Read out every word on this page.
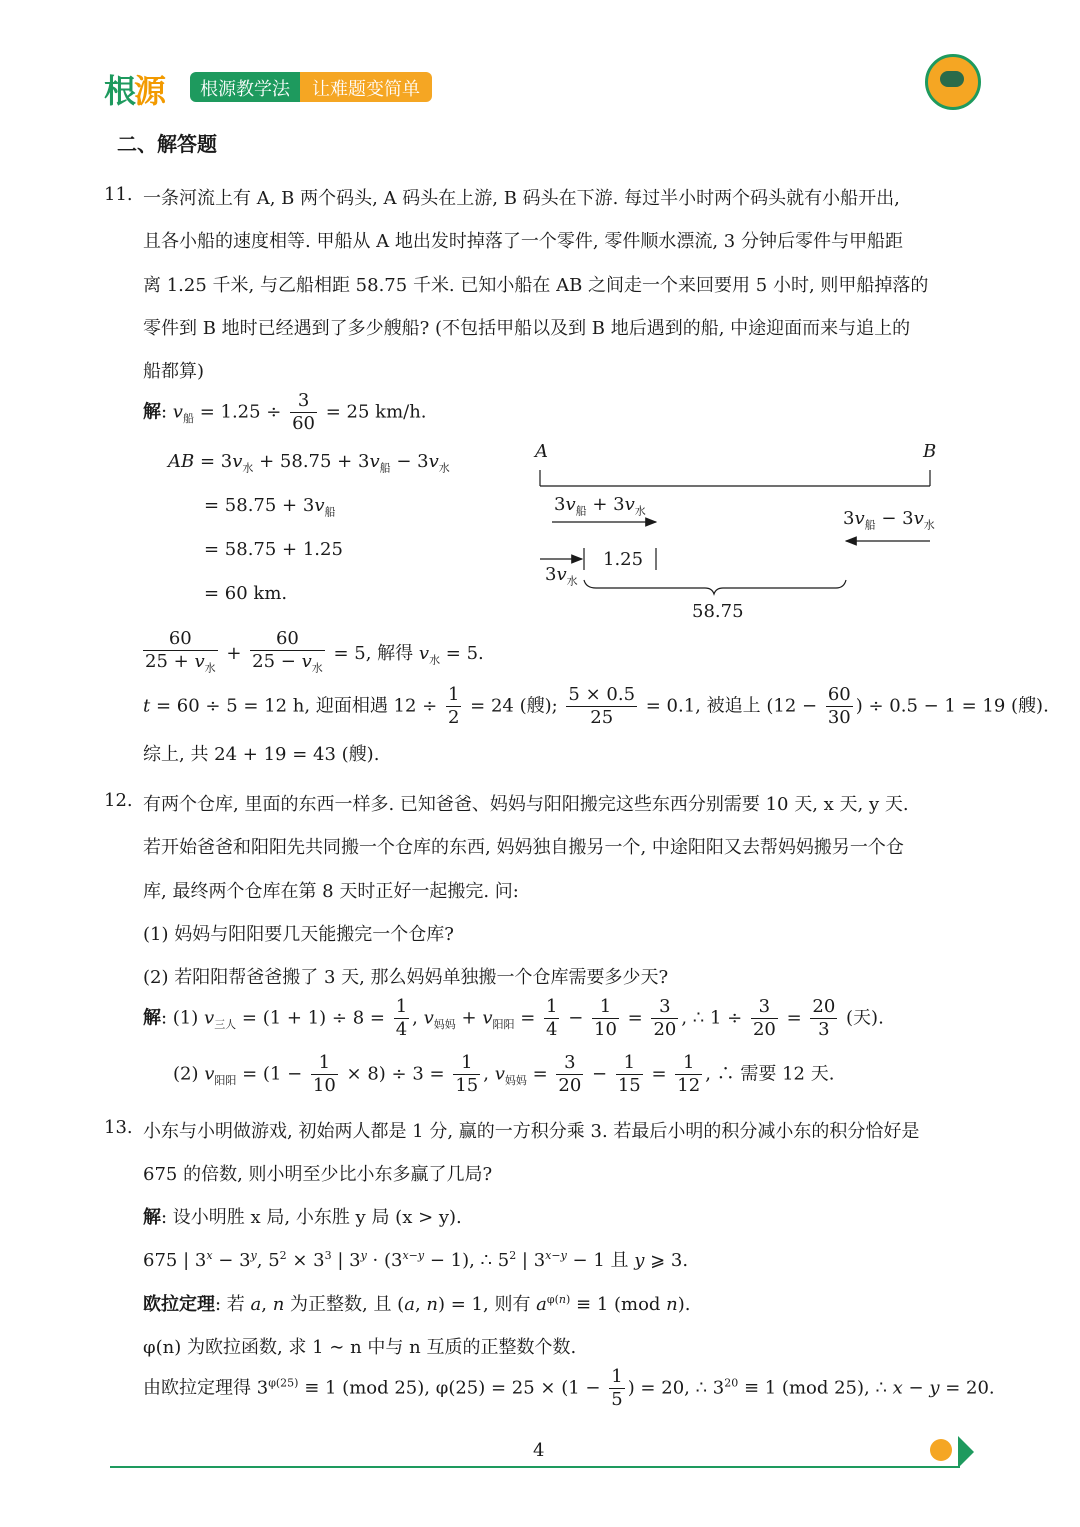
根源	根源教学法	让难题变简单
二、解答题
11. 一条河流上有 A, B 两个码头, A 码头在上游, B 码头在下游. 每过半小时两个码头就有小船开出,
且各小船的速度相等. 甲船从 A 地出发时掉落了一个零件, 零件顺水漂流, 3 分钟后零件与甲船距
离 1.25 千米, 与乙船相距 58.75 千米. 已知小船在 AB 之间走一个来回要用 5 小时, 则甲船掉落的
零件到 B 地时已经遇到了多少艘船? (不包括甲船以及到 B 地后遇到的船, 中途迎面而来与追上的
船都算)
解: $v_船 = 1.25 \div \frac{3}{60} = 25$ km/h.
AB = $3v_水 + 58.75 + 3v_船 - 3v_水$
= $58.75 + 3v_船$
= 58.75 + 1.25
= 60 km.
A	B
$3v_船 + 3v_水$	$3v_船 - 3v_水$
$3v_水$
1.25
58.75
$\frac{60}{25 + v_水} + \frac{60}{25 - v_水} = 5$, 解得 $v_水 = 5$.
t = 60 ÷ 5 = 12 h, 迎面相遇 $12 \div \frac{1}{2} = 24$ (艘); $\frac{5 \times 0.5}{25} = 0.1$, 被追上 ($12 - \frac{60}{30}$ ) ÷ 0.5 − 1 = 19 (艘).
综上, 共 24 + 19 = 43 (艘).
12. 有两个仓库, 里面的东西一样多. 已知爸爸、妈妈与阳阳搬完这些东西分别需要 10 天, x 天, y 天.
若开始爸爸和阳阳先共同搬一个仓库的东西, 妈妈独自搬另一个, 中途阳阳又去帮妈妈搬另一个仓
库, 最终两个仓库在第 8 天时正好一起搬完. 问:
(1) 妈妈与阳阳要几天能搬完一个仓库?
(2) 若阳阳帮爸爸搬了 3 天, 那么妈妈单独搬一个仓库需要多少天?
解: (1) $v_{三人} = (1 + 1) \div 8 = \frac{1}{4}$ , $v_{妈妈} + v_{阳阳} = \frac{1}{4} - \frac{1}{10} = \frac{3}{20}$ , ∴ $1 \div \frac{3}{20} = \frac{20}{3}$ (天).
(2) $v_{阳阳} = (1 - \frac{1}{10} \times 8) \div 3 = \frac{1}{15}$ , $v_{妈妈} = \frac{3}{20} - \frac{1}{15} = \frac{1}{12}$ , ∴ 需要 12 天.
13. 小东与小明做游戏, 初始两人都是 1 分, 赢的一方积分乘 3. 若最后小明的积分减小东的积分恰好是
675 的倍数, 则小明至少比小东多赢了几局?
解: 设小明胜 x 局, 小东胜 y 局 (x > y).
675 | $3^x - 3^y$, $5^2 \times 3^3$ | $3^y \cdot (3^{x-y} - 1)$, ∴ $5^2$ | $3^{x-y} - 1$ 且 y ⩾ 3.
欧拉定理: 若 a, n 为正整数, 且 (a, n) = 1, 则有 $a^{\varphi(n)} \equiv 1$ (mod n).
φ(n) 为欧拉函数, 求 1 ∼ n 中与 n 互质的正整数个数.
由欧拉定理得 $3^{\varphi(25)} \equiv 1$ (mod 25), $\varphi(25) = 25 \times (1 - \frac{1}{5}$ ) = 20, ∴ $3^{20} \equiv 1$ (mod 25), ∴ x − y = 20.
4
